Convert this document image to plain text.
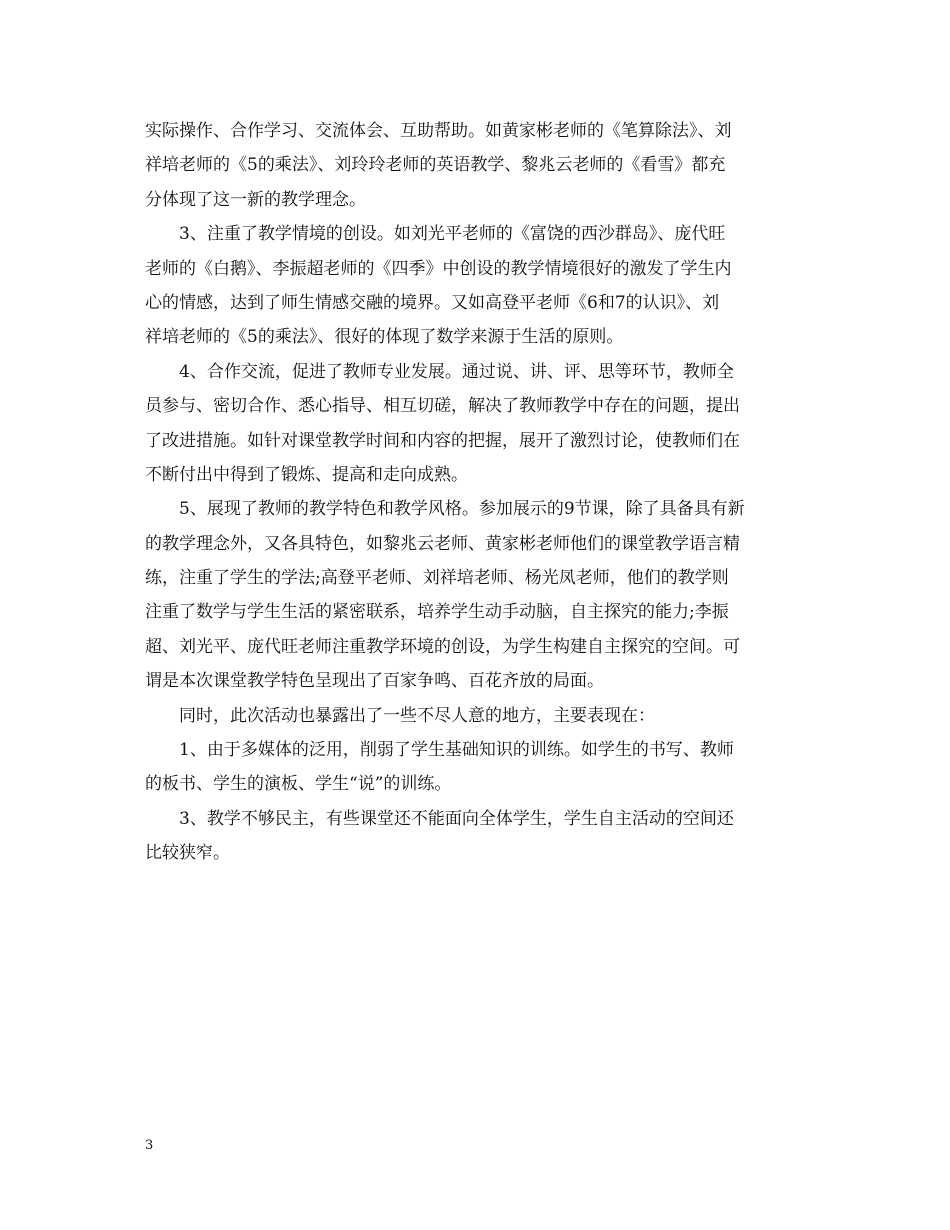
实际操作、合作学习、交流体会、互助帮助。如黄家彬老师的《笔算除法》、刘
祥培老师的《5的乘法》、刘玲玲老师的英语教学、黎兆云老师的《看雪》都充
分体现了这一新的教学理念。
　　3、注重了教学情境的创设。如刘光平老师的《富饶的西沙群岛》、庞代旺
老师的《白鹅》、李振超老师的《四季》中创设的教学情境很好的激发了学生内
心的情感，达到了师生情感交融的境界。又如高登平老师《6和7的认识》、刘
祥培老师的《5的乘法》、很好的体现了数学来源于生活的原则。
　　4、合作交流，促进了教师专业发展。通过说、讲、评、思等环节，教师全
员参与、密切合作、悉心指导、相互切磋，解决了教师教学中存在的问题，提出
了改进措施。如针对课堂教学时间和内容的把握，展开了激烈讨论，使教师们在
不断付出中得到了锻炼、提高和走向成熟。
　　5、展现了教师的教学特色和教学风格。参加展示的9节课，除了具备具有新
的教学理念外，又各具特色，如黎兆云老师、黄家彬老师他们的课堂教学语言精
练，注重了学生的学法;高登平老师、刘祥培老师、杨光凤老师，他们的教学则
注重了数学与学生生活的紧密联系，培养学生动手动脑，自主探究的能力;李振
超、刘光平、庞代旺老师注重教学环境的创设，为学生构建自主探究的空间。可
谓是本次课堂教学特色呈现出了百家争鸣、百花齐放的局面。
　　同时，此次活动也暴露出了一些不尽人意的地方，主要表现在：
　　1、由于多媒体的泛用，削弱了学生基础知识的训练。如学生的书写、教师
的板书、学生的演板、学生“说”的训练。
　　3、教学不够民主，有些课堂还不能面向全体学生，学生自主活动的空间还
比较狭窄。
3
